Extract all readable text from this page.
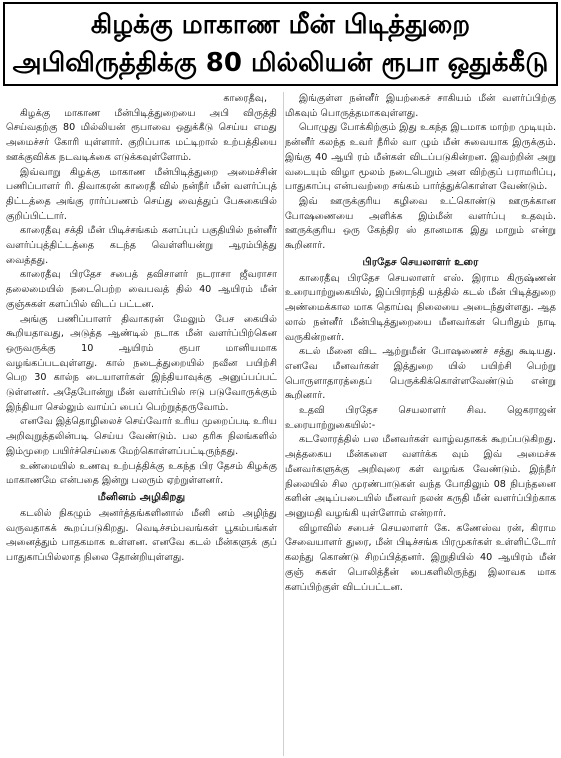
கிழக்கு மாகாண மீன் பிடித்துறை
அபிவிருத்திக்கு 80 மில்லியன் ரூபா ஒதுக்கீடு

காரைதீவு,

கிழக்கு மாகாண மீன்பிடித்துறையை அபி விருத்தி செய்வதற்கு 80 மில்லியன் ரூபாவை ஒதுக்கீடு செய்ய எமது அமைச்சர் கோரி யுள்ளார். குறிப்பாக மட்டிறால் உற்பத்தியை ஊக்குவிக்க நடவடிக்கை எடுக்கவுள்ளோம்.

இவ்வாறு கிழக்கு மாகாண மீன்பிடித்துறை அமைச்சின் பணிப்பாளர் ரி. திவாகரன் காரைதீ வில் நன்நீர் மீன் வளர்ப்புத் திட்டத்தை அங்கு ரார்ப்பணம் செய்து வைத்துப் பேசுகையில் குறிப்பிட்டார்.

காரைதீவு சக்தி மீன் பிடிச்சங்கம் களப்புப் பகுதியில் நன்னீர் வளர்ப்புத்திட்டத்தை கடந்த வெள்ளியன்று ஆரம்பித்து வைத்தது.

காரைதீவு பிரதேச சபைத் தவிசாளர் நடராசா ஜீவராசா தலைமையில் நடைபெற்ற வைபவத் தில் 40 ஆயிரம் மீன் குஞ்சுகள் களப்பில் விடப் பட்டன.

அங்கு பணிப்பாளர் திவாகரன் மேலும் பேச கையில் கூறியதாவது, அடுத்த ஆண்டில் நடாக மீன் வளர்ப்பிற்கென ஒருவருக்கு 10 ஆயிரம் ரூபா மானியமாக வழங்கப்படவுள்ளது. கால் நடைத்துறையில் நவீன பயிற்சி பெற 30 கால்ந டையாளர்கள் இந்தியாவுக்கு அனுப்பப்பட் டுள்ளனர். அதேபோன்று மீன் வளர்ப்பில் ஈடு படுவோருக்கும் இந்தியா செல்லும் வாய்ப் பைப் பெற்றுத்தருவோம்.

எனவே இத்தொழிலைச் செய்வோர் உரிய முறைப்படி உரிய அறிவுறுத்தலின்படி செய்ய வேண்டும். பல தரிசு நிலங்களில் இம்முறை பயிர்ச்செய்கை மேற்கொள்ளப்பட்டிருந்தது.

உண்மையில் உணவு உற்பத்திக்கு உகந்த பிர தேசம் கிழக்கு மாகாணமே என்பதை இன்று பலரும் ஏற்றுள்ளனர்.

மீனினம் அழிகிறது

கடலில் நிகழும் அனர்த்தங்களினால் மீனி னம் அழிந்து வருவதாகக் கூறப்படுகிறது. வெடிச்சம்பவங்கள் பூகம்பங்கள் அனைத்தும் பாதகமாக உள்ளன. எனவே கடல் மீன்களுக் குப் பாதுகாப்பில்லாத நிலை தோன்றியுள்ளது.

இங்குள்ள நன்னீர் இயற்கைச் சாகியம் மீன் வளர்ப்பிற்கு மிகவும் பொருத்தமாகவுள்ளது.

பொழுது போக்கிற்கும் இது உகந்த இடமாக மாற்ற முடியும். நன்னீர் கலந்த உவர் நீரில் வா ழும் மீன் சுவையாக இருக்கும். இங்கு 40 ஆயி ரம் மீன்கள் விடப்படுகின்றன. இவற்றின் அறு வடையும் விழா மூலம் நடைபெறும் அள விற்குப் பராமரிப்பு, பாதுகாப்பு என்பவற்றை சங்கம் பார்த்துக்கொள்ள வேண்டும்.

இவ் ஊருக்குரிய கழிவை உட்கொண்டு ஊருக்கான போஷணையை அளிக்க இம்மீன் வளர்ப்பு உதவும். ஊருக்குரிய ஒரு கேந்திர ஸ் தானமாக இது மாறும் என்று கூறினார்.

பிரதேச செயலாளர் உரை

காரைதீவு பிரதேச செயலாளர் எஸ். இராம கிருஷ்ணன் உரையாற்றுகையில், இப்பிராந்தி யத்தில் கடல் மீன் பிடித்துறை அண்மைக்கால மாக தொய்வு நிலையை அடைந்துள்ளது. ஆத லால் நன்னீர் மீன்பிடித்துறையை மீனவர்கள் பெரிதும் நாடி வருகின்றனர்.

கடல் மீனை விட ஆற்றுமீன் போஷணைச் சத்து கூடியது. எனவே மீனவர்கள் இத்துறை யில் பயிற்சி பெற்று பொருளாதாரத்தைப் பெருக்கிக்கொள்ளவேண்டும் என்று கூறினார்.

உதவி பிரதேச செயலாளர் சிவ. ஜெகராஜன் உரையாற்றுகையில்:-

கடலோரத்தில் பல மீனவர்கள் வாழ்வதாகக் கூறப்படுகிறது. அத்தகைய மீன்களை வளர்க்க வும் இவ் அமைச்சு மீனவர்களுக்கு அறிவுரை கள் வழங்க வேண்டும். இந்நீர் நிலையில் சில முரண்பாடுகள் வந்த போதிலும் 08 நிபந்தனை களின் அடிப்படையில் மீனவர் நலன் கருதி மீன் வளர்ப்பிற்காக அனுமதி வழங்கி யுள்ளோம் என்றார்.

விழாவில் சபைச் செயலாளர் கே. கணேஸ்வ ரன், கிராம சேவையாளர் துரை, மீன் பிடிச்சங்க பிரமுகர்கள் உள்ளிட்டோர் கலந்து கொண்டு சிறப்பித்தனர். இறுதியில் 40 ஆயிரம் மீன் குஞ் சுகள் பொலித்தீன் பைகளிலிருந்து இலாவக மாக களப்பிற்குள் விடப்பட்டன.
